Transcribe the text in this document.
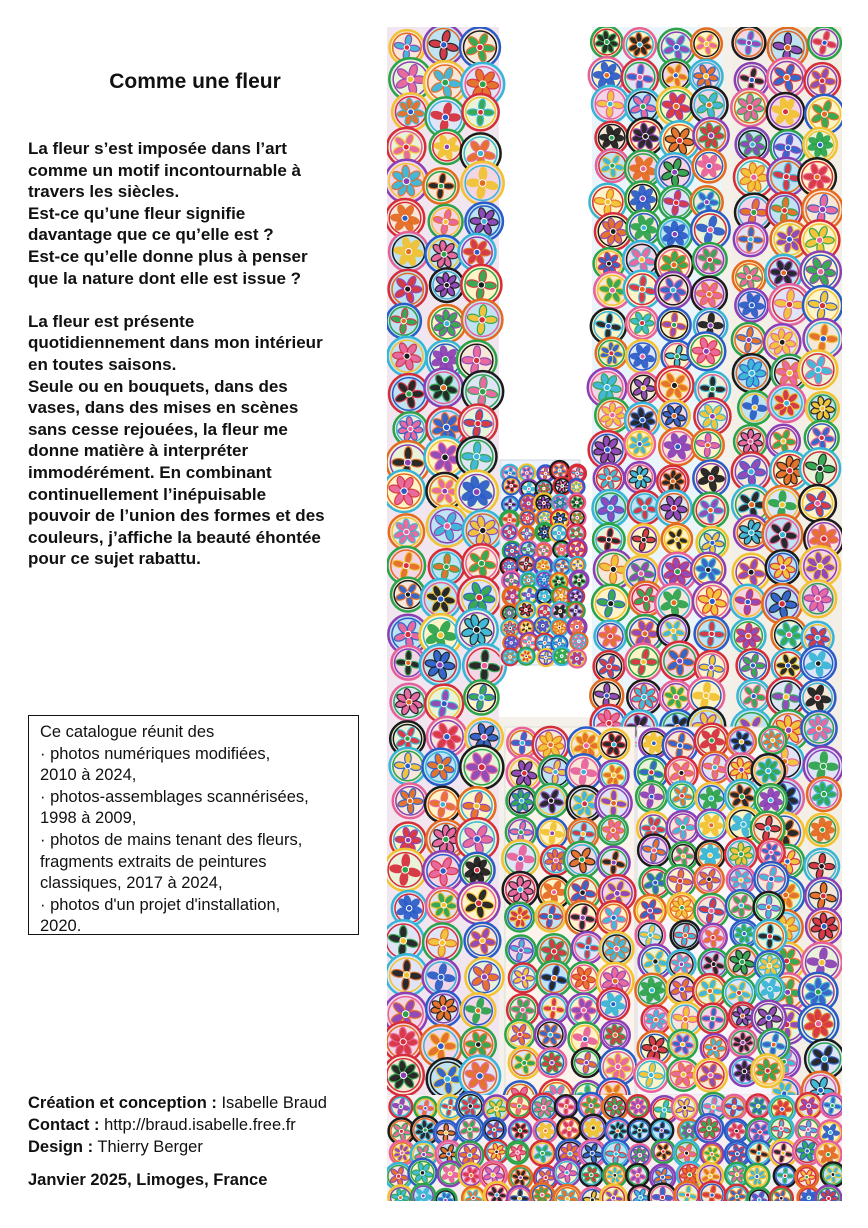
Comme une fleur

La fleur s’est imposée dans l’art
comme un motif incontournable à
travers les siècles.
Est-ce qu’une fleur signifie
davantage que ce qu’elle est ?
Est-ce qu’elle donne plus à penser
que la nature dont elle est issue ?

La fleur est présente
quotidiennement dans mon intérieur
en toutes saisons.
Seule ou en bouquets, dans des
vases, dans des mises en scènes
sans cesse rejouées, la fleur me
donne matière à interpréter
immodérément. En combinant
continuellement l’inépuisable
pouvoir de l’union des formes et des
couleurs, j’affiche la beauté éhontée
pour ce sujet rabattu.

Ce catalogue réunit des

· photos numériques modifiées,
2010 à 2024,
· photos-assemblages scannérisées,
1998 à 2009,
· photos de mains tenant des fleurs,
fragments extraits de peintures
classiques, 2017 à 2024,
· photos d'un projet d'installation,
2020.

Création et conception : Isabelle Braud

Contact : http://braud.isabelle.free.fr

Design : Thierry Berger

Janvier 2025, Limoges, France
